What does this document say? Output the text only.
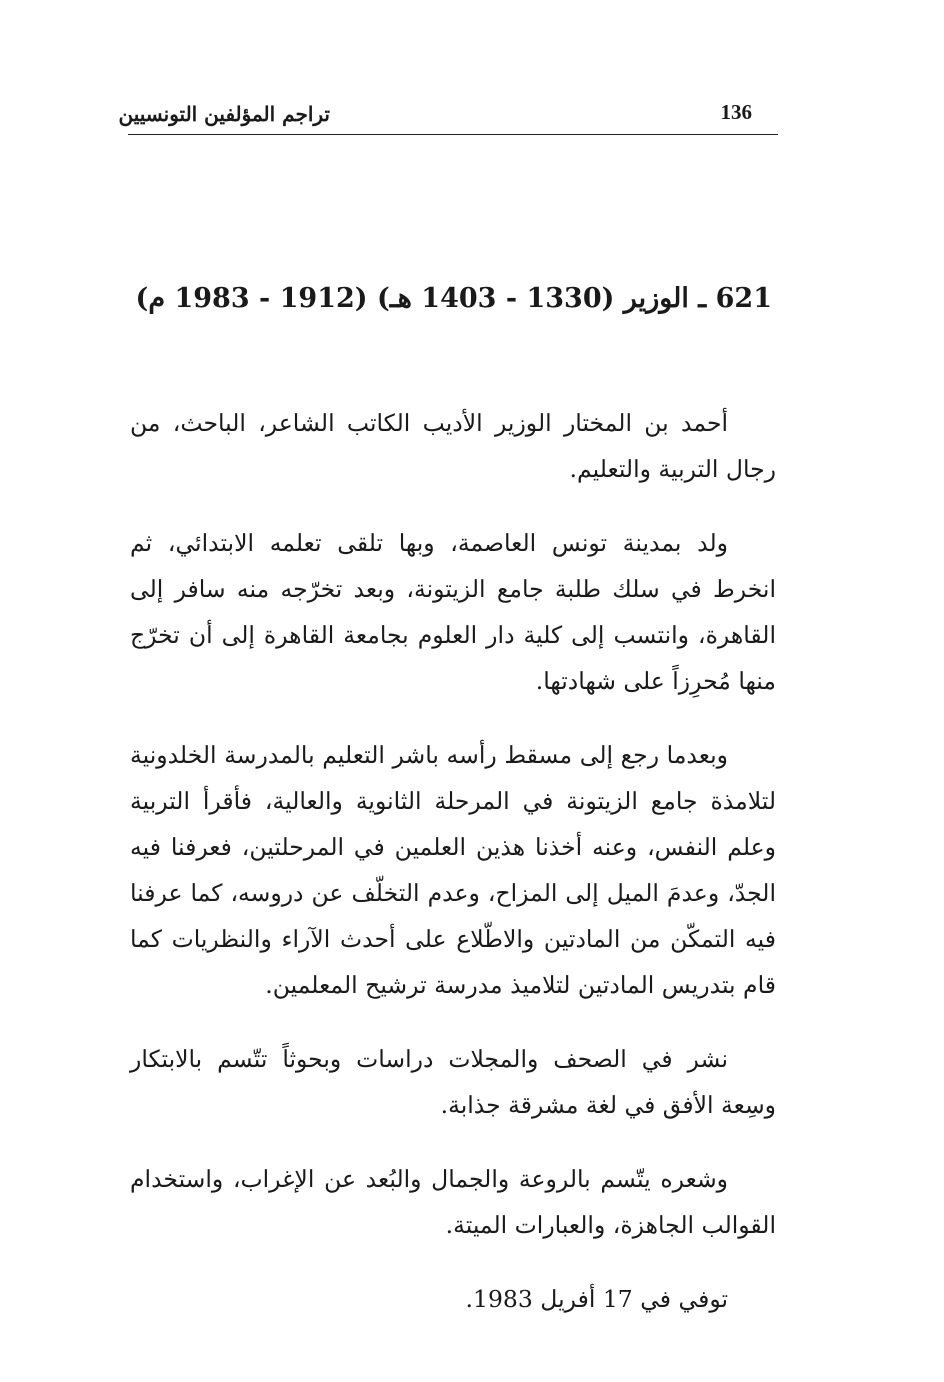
تراجم المؤلفين التونسيين	136
621 ـ الوزير (1330 - 1403 هـ) (1912 - 1983 م)

أحمد بن المختار الوزير الأديب الكاتب الشاعر، الباحث، من رجال التربية والتعليم.

ولد بمدينة تونس العاصمة، وبها تلقى تعلمه الابتدائي، ثم انخرط في سلك طلبة جامع الزيتونة، وبعد تخرّجه منه سافر إلى القاهرة، وانتسب إلى كلية دار العلوم بجامعة القاهرة إلى أن تخرّج منها مُحرِزاً على شهادتها.

وبعدما رجع إلى مسقط رأسه باشر التعليم بالمدرسة الخلدونية لتلامذة جامع الزيتونة في المرحلة الثانوية والعالية، فأقرأ التربية وعلم النفس، وعنه أخذنا هذين العلمين في المرحلتين، فعرفنا فيه الجدّ، وعدمَ الميل إلى المزاح، وعدم التخلّف عن دروسه، كما عرفنا فيه التمكّن من المادتين والاطّلاع على أحدث الآراء والنظريات كما قام بتدريس المادتين لتلاميذ مدرسة ترشيح المعلمين.

نشر في الصحف والمجلات دراسات وبحوثاً تتّسم بالابتكار وسِعة الأفق في لغة مشرقة جذابة.

وشعره يتّسم بالروعة والجمال والبُعد عن الإغراب، واستخدام القوالب الجاهزة، والعبارات الميتة.

توفي في 17 أفريل 1983.
